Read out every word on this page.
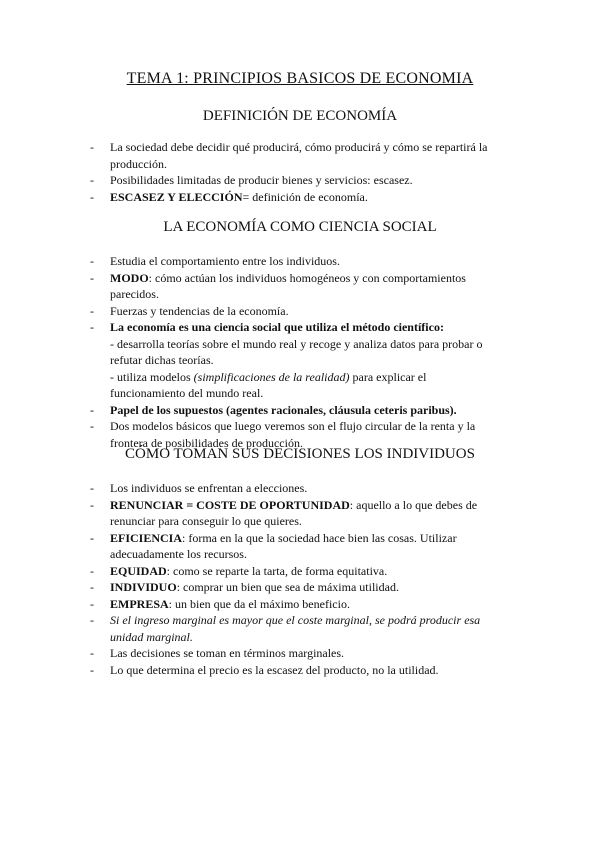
TEMA 1: PRINCIPIOS BASICOS DE ECONOMIA
DEFINICIÓN DE ECONOMÍA
- La sociedad debe decidir qué producirá, cómo producirá y cómo se repartirá la producción.
- Posibilidades limitadas de producir bienes y servicios: escasez.
- ESCASEZ Y ELECCIÓN= definición de economía.
LA ECONOMÍA COMO CIENCIA SOCIAL
- Estudia el comportamiento entre los individuos.
- MODO: cómo actúan los individuos homogéneos y con comportamientos parecidos.
- Fuerzas y tendencias de la economía.
- La economía es una ciencia social que utiliza el método científico:
- desarrolla teorías sobre el mundo real y recoge y analiza datos para probar o refutar dichas teorías.
- utiliza modelos (simplificaciones de la realidad) para explicar el funcionamiento del mundo real.
- Papel de los supuestos (agentes racionales, cláusula ceteris paribus).
- Dos modelos básicos que luego veremos son el flujo circular de la renta y la frontera de posibilidades de producción.
CÓMO TOMAN SUS DECISIONES LOS INDIVIDUOS
- Los individuos se enfrentan a elecciones.
- RENUNCIAR = COSTE DE OPORTUNIDAD: aquello a lo que debes de renunciar para conseguir lo que quieres.
- EFICIENCIA: forma en la que la sociedad hace bien las cosas. Utilizar adecuadamente los recursos.
- EQUIDAD: como se reparte la tarta, de forma equitativa.
- INDIVIDUO: comprar un bien que sea de máxima utilidad.
- EMPRESA: un bien que da el máximo beneficio.
- Si el ingreso marginal es mayor que el coste marginal, se podrá producir esa unidad marginal.
- Las decisiones se toman en términos marginales.
- Lo que determina el precio es la escasez del producto, no la utilidad.
